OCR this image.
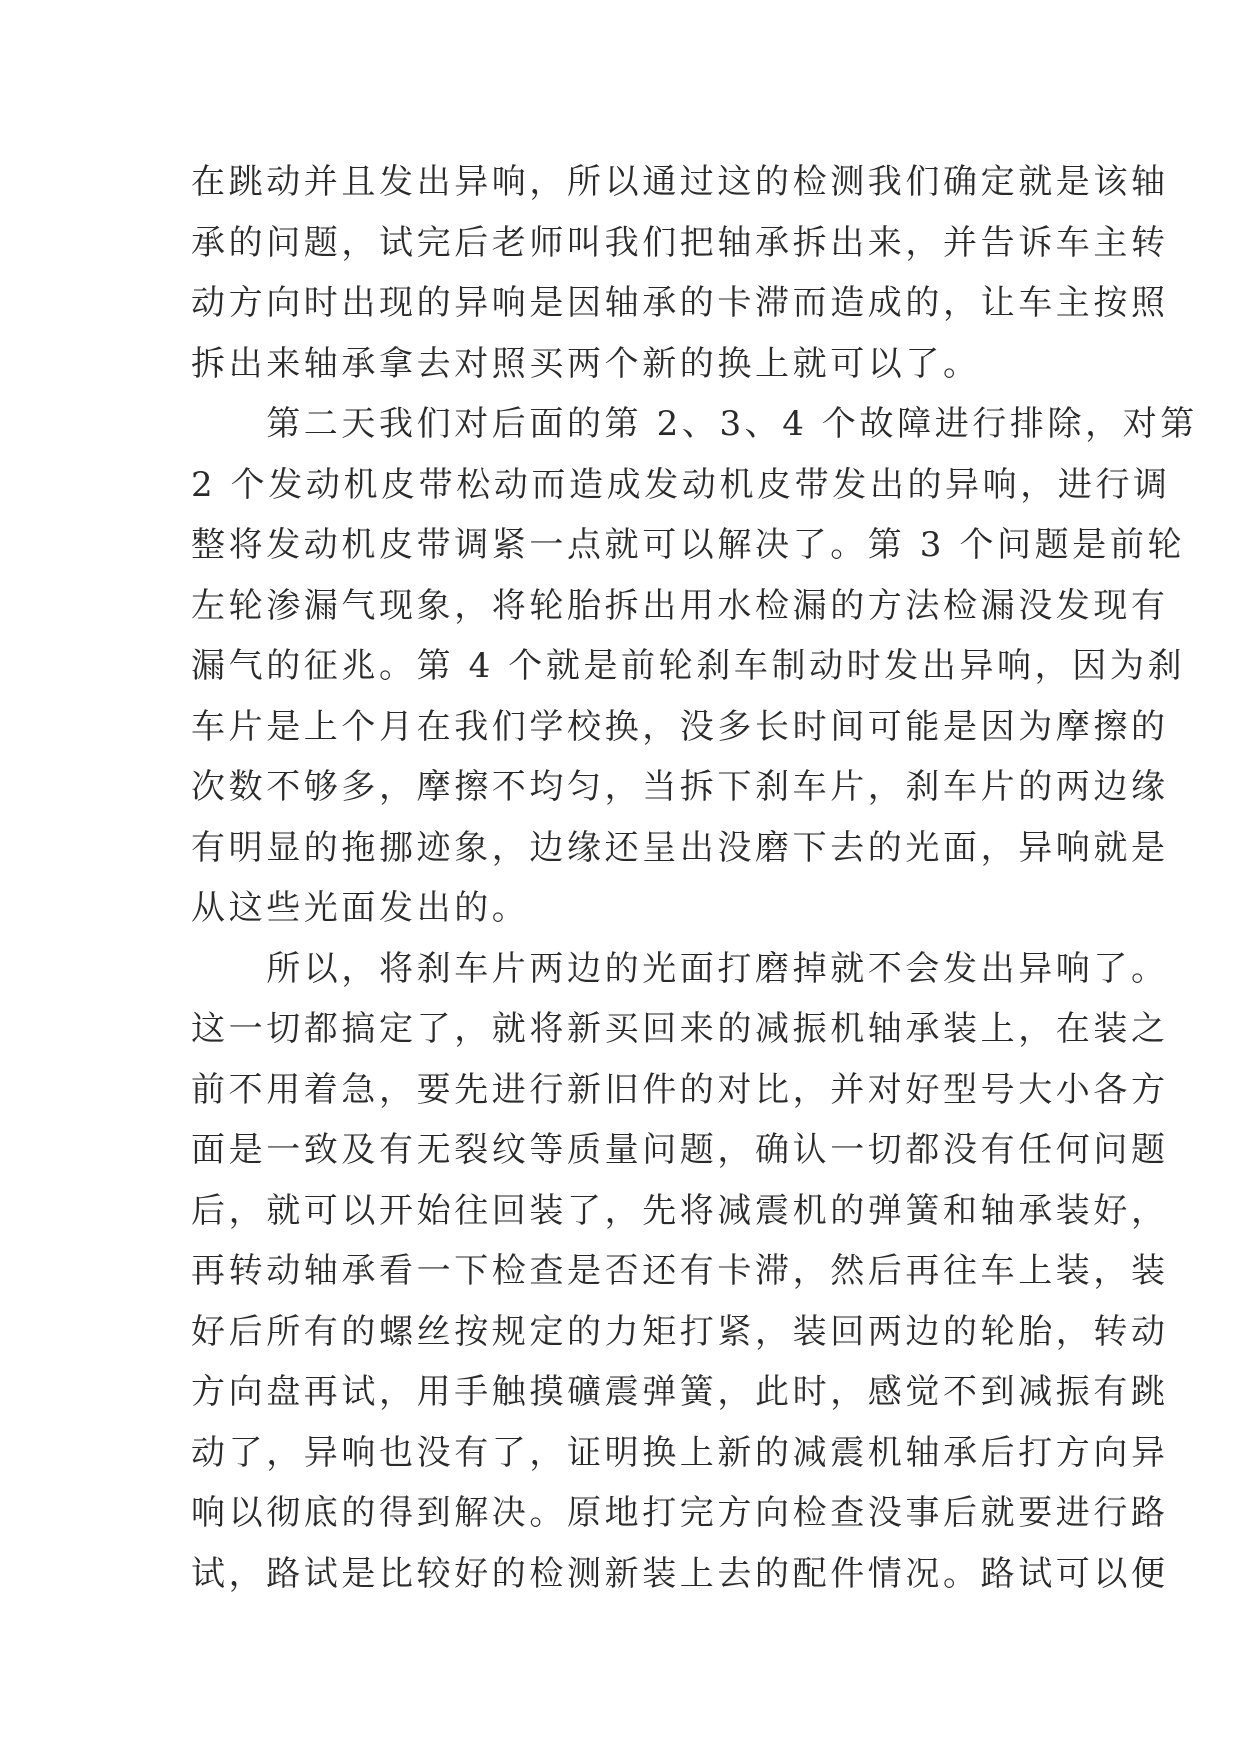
在跳动并且发出异响，所以通过这的检测我们确定就是该轴
承的问题，试完后老师叫我们把轴承拆出来，并告诉车主转
动方向时出现的异响是因轴承的卡滞而造成的，让车主按照
拆出来轴承拿去对照买两个新的换上就可以了。
　　第二天我们对后面的第 2、3、4 个故障进行排除，对第
2 个发动机皮带松动而造成发动机皮带发出的异响，进行调
整将发动机皮带调紧一点就可以解决了。第 3 个问题是前轮
左轮渗漏气现象，将轮胎拆出用水检漏的方法检漏没发现有
漏气的征兆。第 4 个就是前轮刹车制动时发出异响，因为刹
车片是上个月在我们学校换，没多长时间可能是因为摩擦的
次数不够多，摩擦不均匀，当拆下刹车片，刹车片的两边缘
有明显的拖挪迹象，边缘还呈出没磨下去的光面，异响就是
从这些光面发出的。
　　所以，将刹车片两边的光面打磨掉就不会发出异响了。
这一切都搞定了，就将新买回来的减振机轴承装上，在装之
前不用着急，要先进行新旧件的对比，并对好型号大小各方
面是一致及有无裂纹等质量问题，确认一切都没有任何问题
后，就可以开始往回装了，先将减震机的弹簧和轴承装好，
再转动轴承看一下检查是否还有卡滞，然后再往车上装，装
好后所有的螺丝按规定的力矩打紧，装回两边的轮胎，转动
方向盘再试，用手触摸礦震弹簧，此时，感觉不到减振有跳
动了，异响也没有了，证明换上新的减震机轴承后打方向异
响以彻底的得到解决。原地打完方向检查没事后就要进行路
试，路试是比较好的检测新装上去的配件情况。路试可以便
